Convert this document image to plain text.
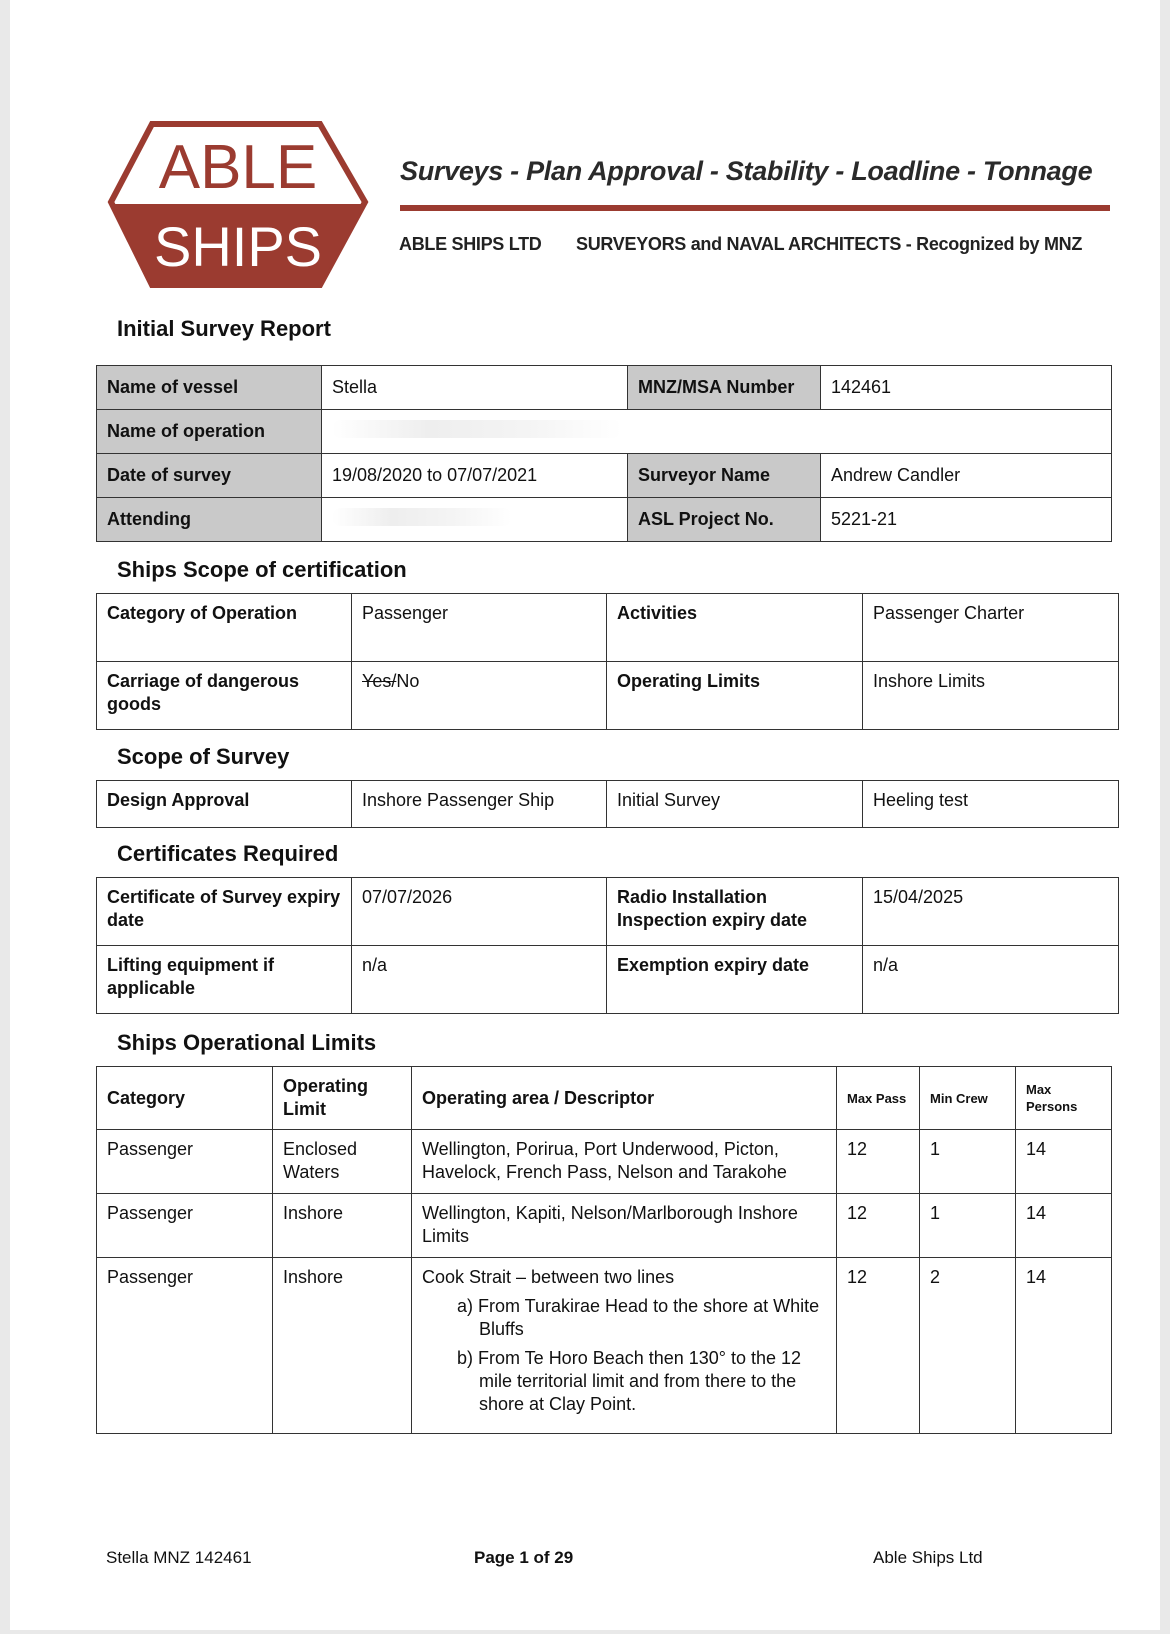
ABLE
SHIPS
Surveys - Plan Approval - Stability - Loadline - Tonnage
ABLE SHIPS LTD SURVEYORS and NAVAL ARCHITECTS - Recognized by MNZ
Initial Survey Report
Name of vessel	Stella	MNZ/MSA Number	142461
Name of operation			
Date of survey	19/08/2020 to 07/07/2021	Surveyor Name	Andrew Candler
Attending		ASL Project No.	5221-21
Ships Scope of certification
Category of Operation	Passenger	Activities	Passenger Charter
Carriage of dangerous goods	Yes/No	Operating Limits	Inshore Limits
Scope of Survey
Design Approval	Inshore Passenger Ship	Initial Survey	Heeling test
Certificates Required
Certificate of Survey expiry date	07/07/2026	Radio Installation Inspection expiry date	15/04/2025
Lifting equipment if applicable	n/a	Exemption expiry date	n/a
Ships Operational Limits
Category	Operating Limit	Operating area / Descriptor	Max Pass	Min Crew	Max Persons
Passenger	Enclosed Waters	Wellington, Porirua, Port Underwood, Picton, Havelock, French Pass, Nelson and Tarakohe	12	1	14
Passenger	Inshore	Wellington, Kapiti, Nelson/Marlborough Inshore Limits	12	1	14
Passenger	Inshore	Cook Strait – between two lines
a) From Turakirae Head to the shore at White Bluffs
b) From Te Horo Beach then 130° to the 12 mile territorial limit and from there to the shore at Clay Point.	12	2	14
Stella MNZ 142461	Page 1 of 29	Able Ships Ltd
